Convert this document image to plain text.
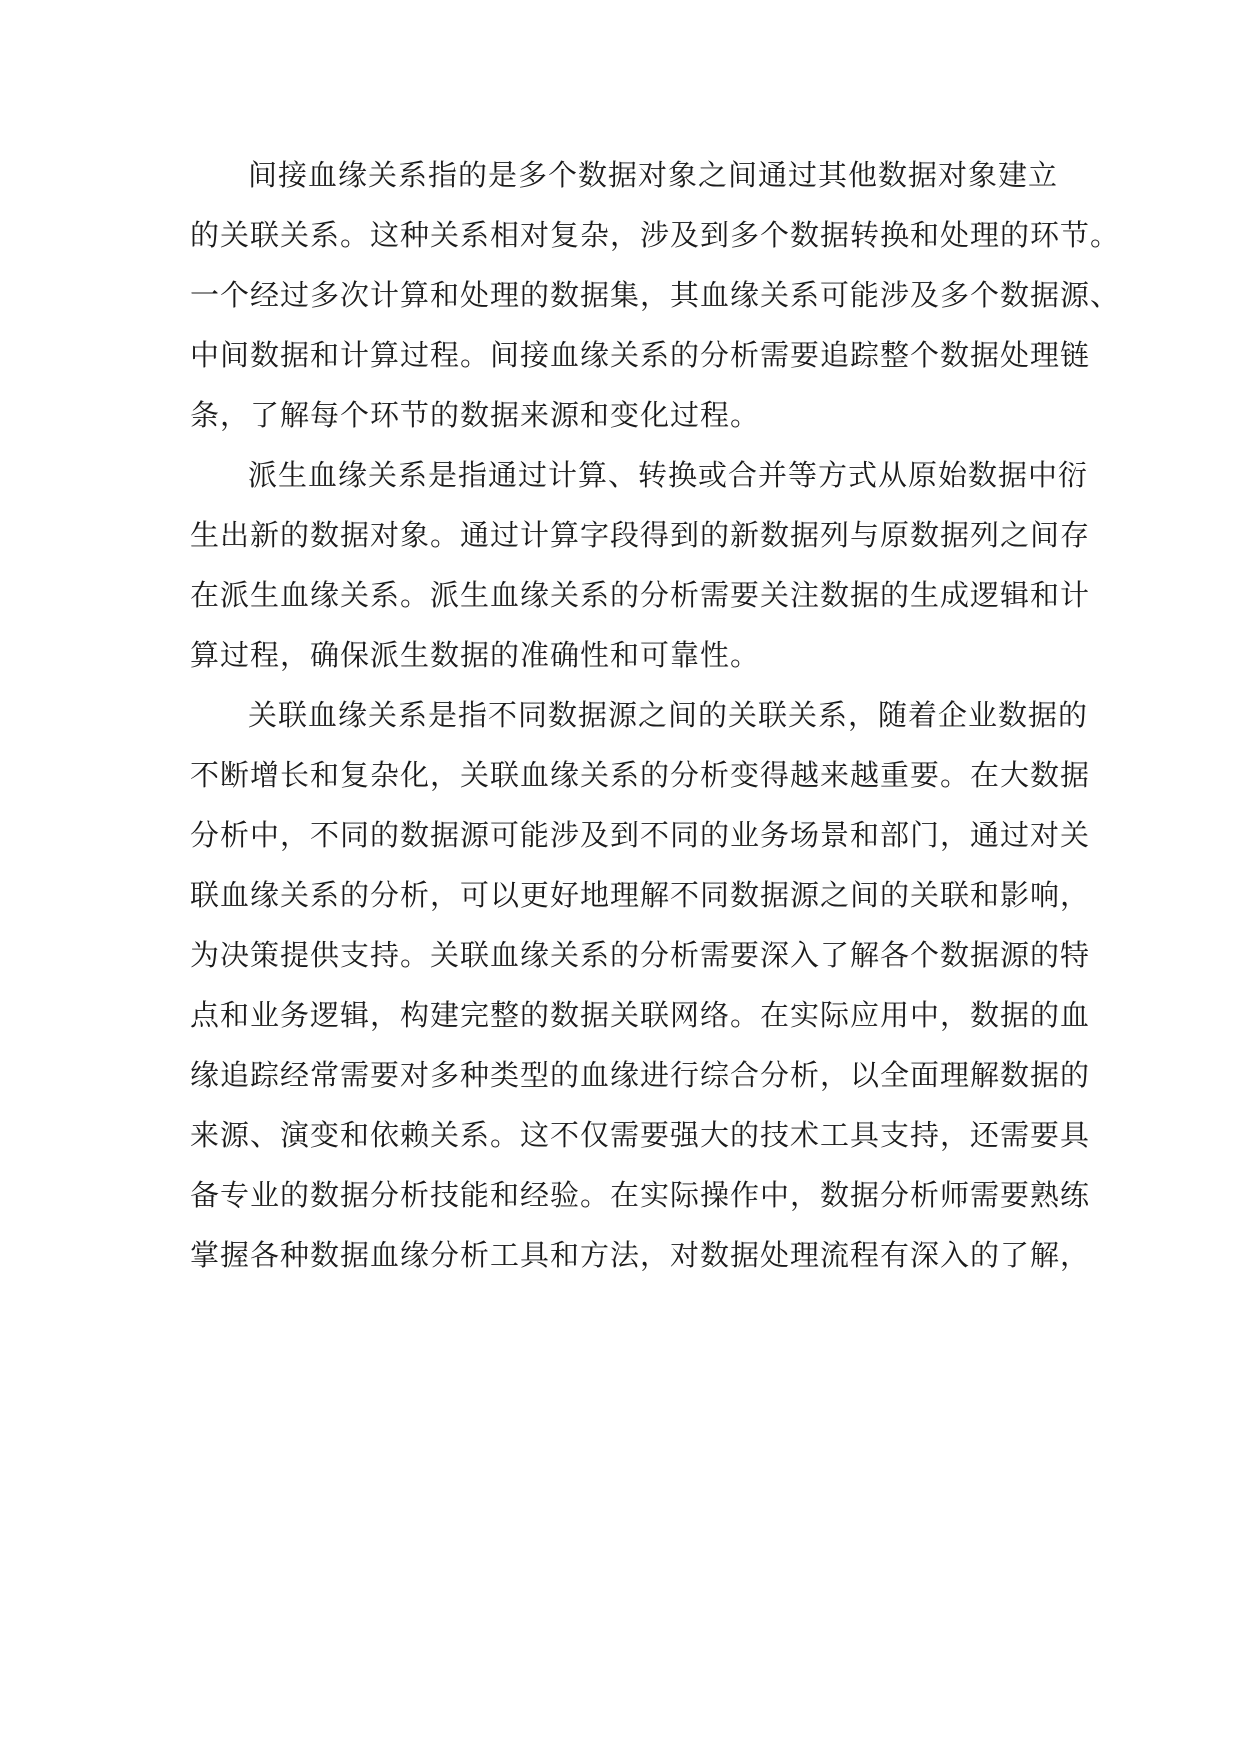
间接血缘关系指的是多个数据对象之间通过其他数据对象建立
的关联关系。这种关系相对复杂，涉及到多个数据转换和处理的环节。
一个经过多次计算和处理的数据集，其血缘关系可能涉及多个数据源、
中间数据和计算过程。间接血缘关系的分析需要追踪整个数据处理链
条，了解每个环节的数据来源和变化过程。
派生血缘关系是指通过计算、转换或合并等方式从原始数据中衍
生出新的数据对象。通过计算字段得到的新数据列与原数据列之间存
在派生血缘关系。派生血缘关系的分析需要关注数据的生成逻辑和计
算过程，确保派生数据的准确性和可靠性。
关联血缘关系是指不同数据源之间的关联关系，随着企业数据的
不断增长和复杂化，关联血缘关系的分析变得越来越重要。在大数据
分析中，不同的数据源可能涉及到不同的业务场景和部门，通过对关
联血缘关系的分析，可以更好地理解不同数据源之间的关联和影响，
为决策提供支持。关联血缘关系的分析需要深入了解各个数据源的特
点和业务逻辑，构建完整的数据关联网络。在实际应用中，数据的血
缘追踪经常需要对多种类型的血缘进行综合分析，以全面理解数据的
来源、演变和依赖关系。这不仅需要强大的技术工具支持，还需要具
备专业的数据分析技能和经验。在实际操作中，数据分析师需要熟练
掌握各种数据血缘分析工具和方法，对数据处理流程有深入的了解，
